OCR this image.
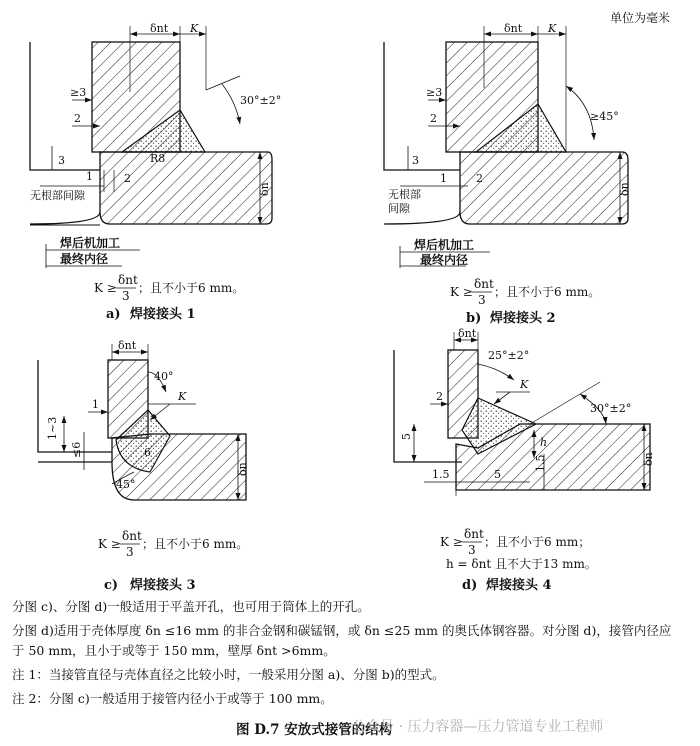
单位为毫米
δnt K
≥3
2
3
1	2
R8
30°±2°
无根部间隙	δn
焊后机加工
最终内径
K ≥
δnt
3
；且不小于6 mm。
a) 焊接接头 1
δnt K
≥3
2
3
1	2
≥45°
无根部
间隙
δn
焊后机加工
最终内径
K ≥
δnt
3
；且不小于6 mm。
b) 焊接接头 2
δnt
40°
K
1
1~3
≤6	6
45°
δn
K ≥
δnt
3
；且不小于6 mm。
c) 焊接接头 3
δnt
25°±2°
K
2
30°±2°
5	h
1.5
1.5	5
δn
K ≥
δnt
3
；且不小于6 mm；
h = δnt 且不大于13 mm。
d) 焊接接头 4
分图 c)、分图 d)一般适用于平盖开孔，也可用于筒体上的开孔。
分图 d)适用于壳体厚度 δn ≤16 mm 的非合金钢和碳锰钢，或 δn ≤25 mm 的奥氏体钢容器。对分图 d)，接管内径应
于 50 mm，且小于或等于 150 mm，壁厚 δnt >6mm。
注 1：当接管直径与壳体直径之比较小时，一般采用分图 a)、分图 b)的型式。
注 2：分图 c)一般适用于接管内径小于或等于 100 mm。
图 D.7 安放式接管的结构
公众号 · 压力容器—压力管道专业工程师
